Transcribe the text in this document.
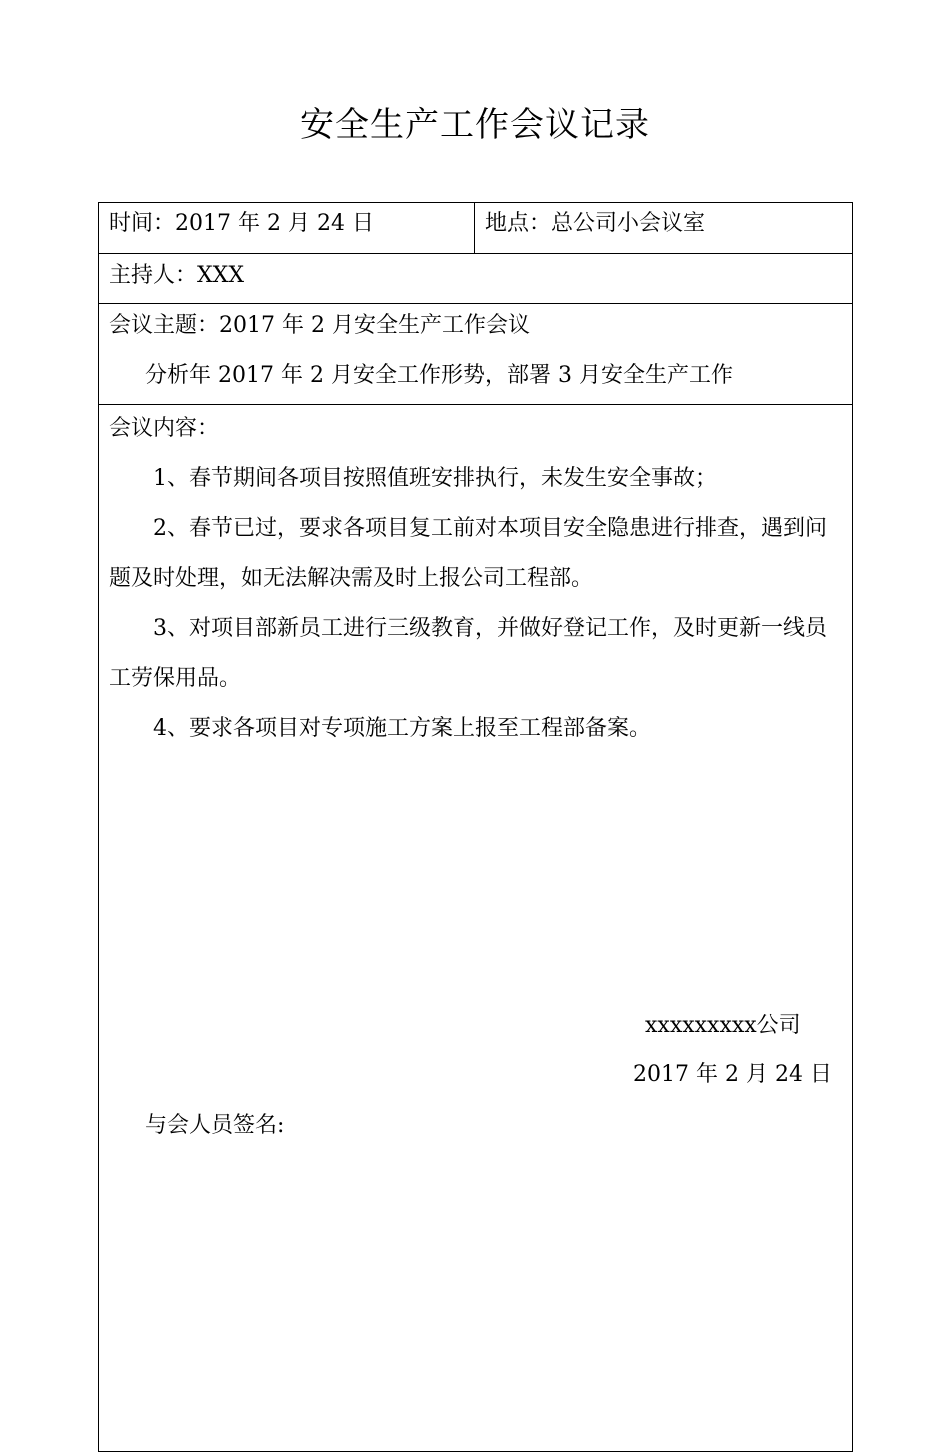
安全生产工作会议记录
时间：2017 年 2 月 24 日	地点：总公司小会议室
主持人：XXX
会议主题：2017 年 2 月安全生产工作会议
分析年 2017 年 2 月安全工作形势，部署 3 月安全生产工作
会议内容：
1、春节期间各项目按照值班安排执行，未发生安全事故；
2、春节已过，要求各项目复工前对本项目安全隐患进行排查，遇到问题及时处理，如无法解决需及时上报公司工程部。
3、对项目部新员工进行三级教育，并做好登记工作，及时更新一线员工劳保用品。
4、要求各项目对专项施工方案上报至工程部备案。
xxxxxxxxx公司
2017 年 2 月 24 日
与会人员签名:
